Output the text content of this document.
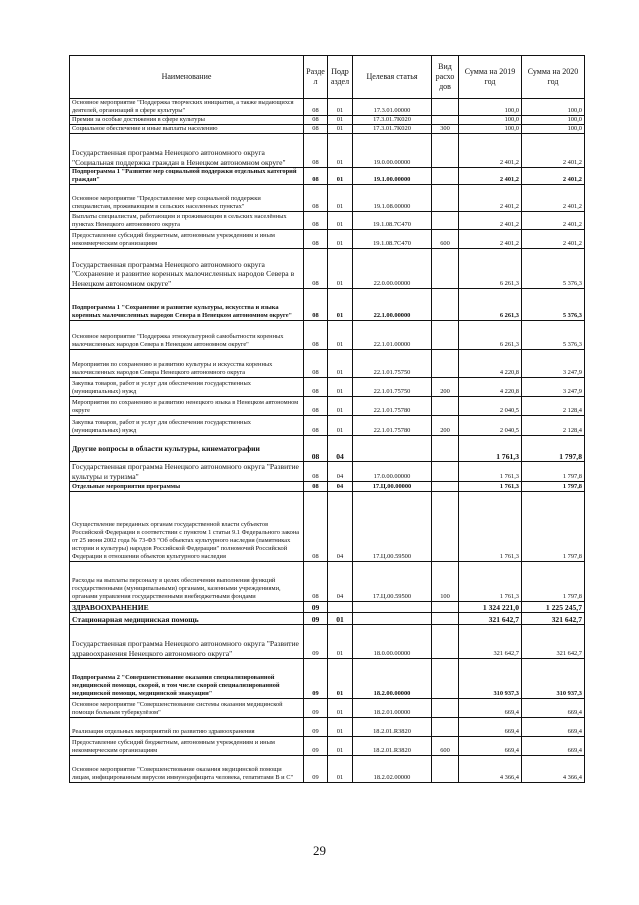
Наименование	Разде л	Подр аздел	Целевая статья	Вид расхо дов	Сумма на 2019 год	Сумма на 2020 год
Основное мероприятие "Поддержка творческих инициатив, а также выдающихся деятелей, организаций в сфере культуры"	08	01	17.3.01.00000		100,0	100,0
Премии за особые достижения в сфере культуры	08	01	17.3.01.7К020		100,0	100,0
Социальное обеспечение и иные выплаты населению	08	01	17.3.01.7К020	300	100,0	100,0
Государственная программа Ненецкого автономного округа "Социальная поддержка граждан в Ненецком автономном округе"	08	01	19.0.00.00000		2 401,2	2 401,2
Подпрограмма 1 "Развитие мер социальной поддержки отдельных категорий граждан"	08	01	19.1.00.00000		2 401,2	2 401,2
Основное мероприятие "Предоставление мер социальной поддержки специалистам, проживающим в сельских населенных пунктах"	08	01	19.1.08.00000		2 401,2	2 401,2
Выплаты специалистам, работающим и проживающим в сельских населённых пунктах Ненецкого автономного округа	08	01	19.1.08.7С470		2 401,2	2 401,2
Предоставление субсидий бюджетным, автономным учреждениям и иным некоммерческим организациям	08	01	19.1.08.7С470	600	2 401,2	2 401,2
Государственная программа Ненецкого автономного округа "Сохранение и развитие коренных малочисленных народов Севера в Ненецком автономном округе"	08	01	22.0.00.00000		6 261,3	5 376,3
Подпрограмма 1 "Сохранение и развитие культуры, искусства и языка коренных малочисленных народов Севера в Ненецком автономном округе"	08	01	22.1.00.00000		6 261,3	5 376,3
Основное мероприятие "Поддержка этнокультурной самобытности коренных малочисленных народов Севера в Ненецком автономном округе"	08	01	22.1.01.00000		6 261,3	5 376,3
Мероприятия по сохранению и развитию культуры и искусства коренных малочисленных народов Севера Ненецкого автономного округа	08	01	22.1.01.75750		4 220,8	3 247,9
Закупка товаров, работ и услуг для обеспечения государственных (муниципальных) нужд	08	01	22.1.01.75750	200	4 220,8	3 247,9
Мероприятия по сохранению и развитию ненецкого языка в Ненецком автономном округе	08	01	22.1.01.75780		2 040,5	2 128,4
Закупка товаров, работ и услуг для обеспечения государственных (муниципальных) нужд	08	01	22.1.01.75780	200	2 040,5	2 128,4
Другие вопросы в области культуры, кинематографии	08	04			1 761,3	1 797,8
Государственная программа Ненецкого автономного округа "Развитие культуры и туризма"	08	04	17.0.00.00000		1 761,3	1 797,8
Отдельные мероприятия программы	08	04	17.Ц.00.00000		1 761,3	1 797,8
Осуществление переданных органам государственной власти субъектов Российской Федерации в соответствии с пунктом 1 статьи 9.1 Федерального закона от 25 июня 2002 года № 73-ФЗ "Об объектах культурного наследия (памятниках истории и культуры) народов Российской Федерации" полномочий Российской Федерации в отношении объектов культурного наследия	08	04	17.Ц.00.59500		1 761,3	1 797,8
Расходы на выплаты персоналу в целях обеспечения выполнения функций государственными (муниципальными) органами, казенными учреждениями, органами управления государственными внебюджетными фондами	08	04	17.Ц.00.59500	100	1 761,3	1 797,8
ЗДРАВООХРАНЕНИЕ	09				1 324 221,0	1 225 245,7
Стационарная медицинская помощь	09	01			321 642,7	321 642,7
Государственная программа Ненецкого автономного округа "Развитие здравоохранения Ненецкого автономного округа"	09	01	18.0.00.00000		321 642,7	321 642,7
Подпрограмма 2 "Совершенствование оказания специализированной медицинской помощи, скорой, в том числе скорой специализированной медицинской помощи, медицинской эвакуации"	09	01	18.2.00.00000		310 937,3	310 937,3
Основное мероприятие "Совершенствование системы оказания медицинской помощи больным туберкулёзом"	09	01	18.2.01.00000		669,4	669,4
Реализация отдельных мероприятий по развитию здравоохранения	09	01	18.2.01.R3820		669,4	669,4
Предоставление субсидий бюджетным, автономным учреждениям и иным некоммерческим организациям	09	01	18.2.01.R3820	600	669,4	669,4
Основное мероприятие "Совершенствование оказания медицинской помощи лицам, инфицированным вирусом иммунодефицита человека, гепатитами В и С"	09	01	18.2.02.00000		4 366,4	4 366,4
29
